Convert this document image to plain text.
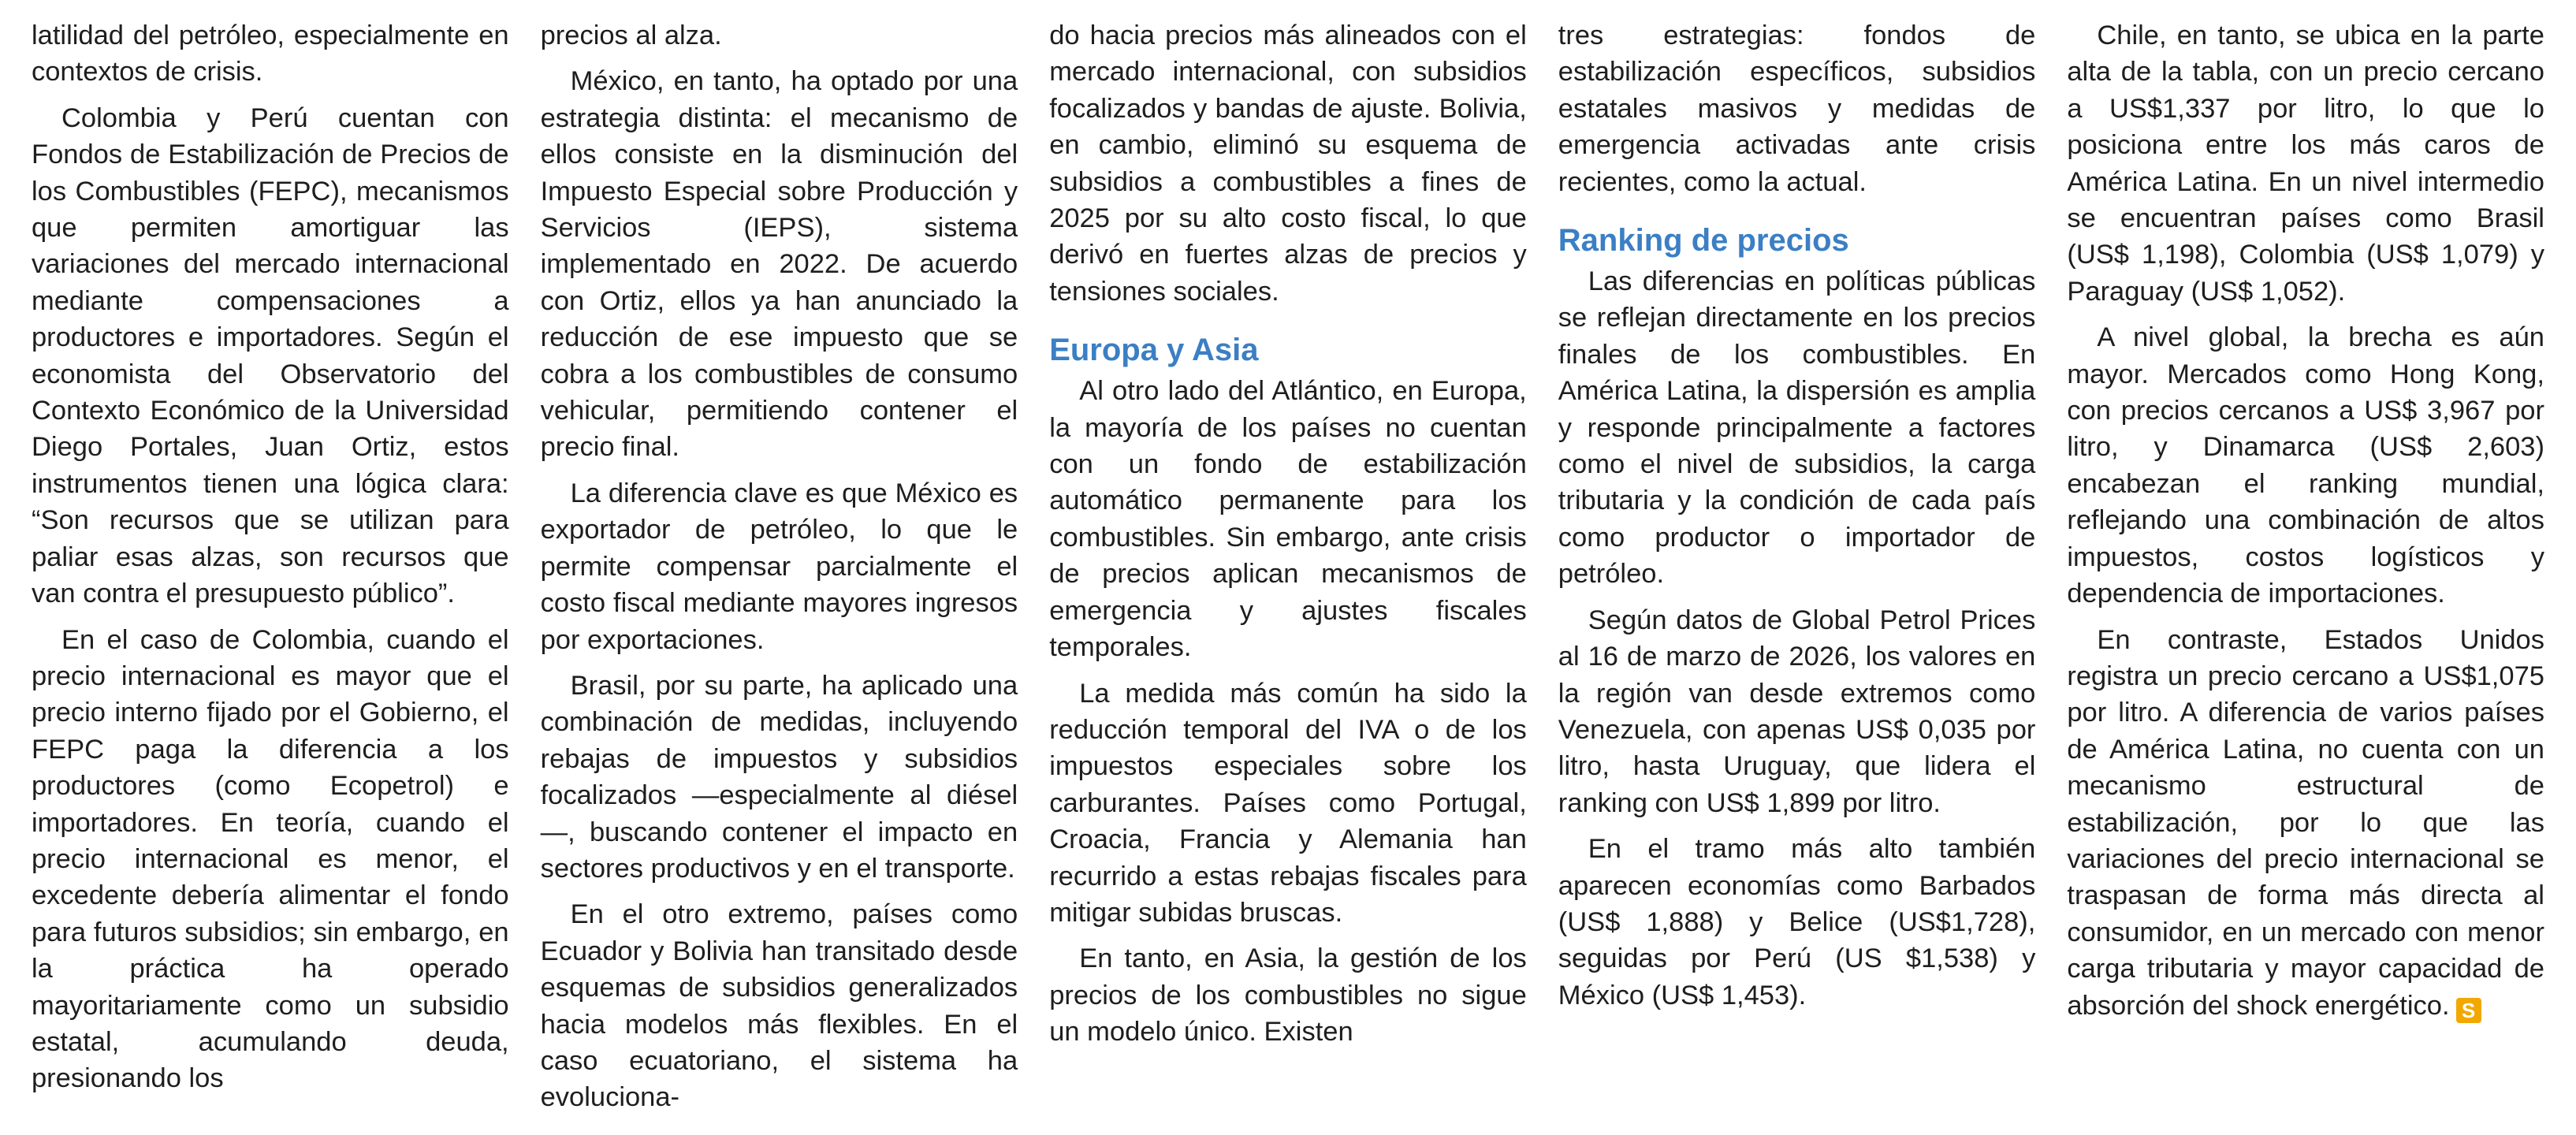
latilidad del petróleo, especialmente en contextos de crisis.

Colombia y Perú cuentan con Fondos de Estabilización de Precios de los Combustibles (FEPC), mecanismos que permiten amortiguar las variaciones del mercado internacional mediante compensaciones a productores e importadores. Según el economista del Observatorio del Contexto Económico de la Universidad Diego Portales, Juan Ortiz, estos instrumentos tienen una lógica clara: “Son recursos que se utilizan para paliar esas alzas, son recursos que van contra el presupuesto público”.

En el caso de Colombia, cuando el precio internacional es mayor que el precio interno fijado por el Gobierno, el FEPC paga la diferencia a los productores (como Ecopetrol) e importadores. En teoría, cuando el precio internacional es menor, el excedente debería alimentar el fondo para futuros subsidios; sin embargo, en la práctica ha operado mayoritariamente como un subsidio estatal, acumulando deuda, presionando los

precios al alza.

México, en tanto, ha optado por una estrategia distinta: el mecanismo de ellos consiste en la disminución del Impuesto Especial sobre Producción y Servicios (IEPS), sistema implementado en 2022. De acuerdo con Ortiz, ellos ya han anunciado la reducción de ese impuesto que se cobra a los combustibles de consumo vehicular, permitiendo contener el precio final.

La diferencia clave es que México es exportador de petróleo, lo que le permite compensar parcialmente el costo fiscal mediante mayores ingresos por exportaciones.

Brasil, por su parte, ha aplicado una combinación de medidas, incluyendo rebajas de impuestos y subsidios focalizados —especialmente al diésel—, buscando contener el impacto en sectores productivos y en el transporte.

En el otro extremo, países como Ecuador y Bolivia han transitado desde esquemas de subsidios generalizados hacia modelos más flexibles. En el caso ecuatoriano, el sistema ha evoluciona-

do hacia precios más alineados con el mercado internacional, con subsidios focalizados y bandas de ajuste. Bolivia, en cambio, eliminó su esquema de subsidios a combustibles a fines de 2025 por su alto costo fiscal, lo que derivó en fuertes alzas de precios y tensiones sociales.

Europa y Asia

Al otro lado del Atlántico, en Europa, la mayoría de los países no cuentan con un fondo de estabilización automático permanente para los combustibles. Sin embargo, ante crisis de precios aplican mecanismos de emergencia y ajustes fiscales temporales.

La medida más común ha sido la reducción temporal del IVA o de los impuestos especiales sobre los carburantes. Países como Portugal, Croacia, Francia y Alemania han recurrido a estas rebajas fiscales para mitigar subidas bruscas.

En tanto, en Asia, la gestión de los precios de los combustibles no sigue un modelo único. Existen

tres estrategias: fondos de estabilización específicos, subsidios estatales masivos y medidas de emergencia activadas ante crisis recientes, como la actual.

Ranking de precios

Las diferencias en políticas públicas se reflejan directamente en los precios finales de los combustibles. En América Latina, la dispersión es amplia y responde principalmente a factores como el nivel de subsidios, la carga tributaria y la condición de cada país como productor o importador de petróleo.

Según datos de Global Petrol Prices al 16 de marzo de 2026, los valores en la región van desde extremos como Venezuela, con apenas US$ 0,035 por litro, hasta Uruguay, que lidera el ranking con US$ 1,899 por litro.

En el tramo más alto también aparecen economías como Barbados (US$ 1,888) y Belice (US$1,728), seguidas por Perú (US $1,538) y México (US$ 1,453).

Chile, en tanto, se ubica en la parte alta de la tabla, con un precio cercano a US$1,337 por litro, lo que lo posiciona entre los más caros de América Latina. En un nivel intermedio se encuentran países como Brasil (US$ 1,198), Colombia (US$ 1,079) y Paraguay (US$ 1,052).

A nivel global, la brecha es aún mayor. Mercados como Hong Kong, con precios cercanos a US$ 3,967 por litro, y Dinamarca (US$ 2,603) encabezan el ranking mundial, reflejando una combinación de altos impuestos, costos logísticos y dependencia de importaciones.

En contraste, Estados Unidos registra un precio cercano a US$1,075 por litro. A diferencia de varios países de América Latina, no cuenta con un mecanismo estructural de estabilización, por lo que las variaciones del precio internacional se traspasan de forma más directa al consumidor, en un mercado con menor carga tributaria y mayor capacidad de absorción del shock energético. S
